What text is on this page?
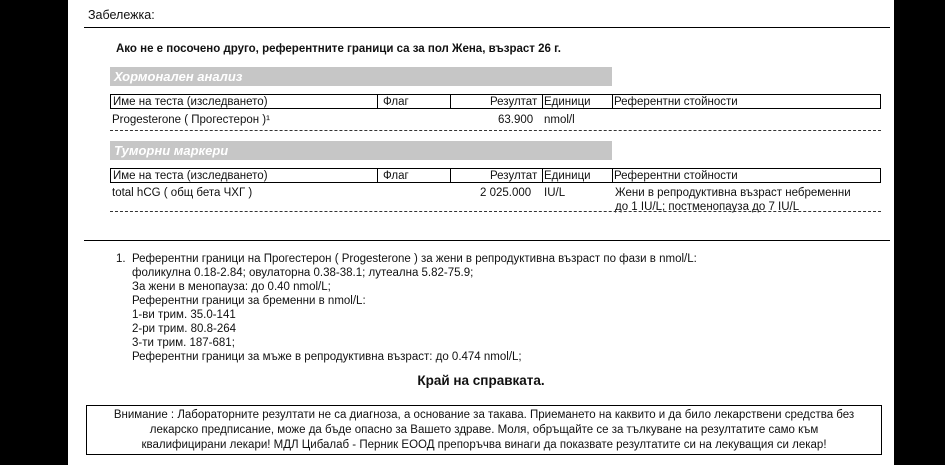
Забележка:
Ако не е посочено друго, референтните граници са за пол Жена, възраст 26 г.
Хормонален анализ
Име на теста (изследването)	Флаг	Резултат Единици Референтни стойности
Progesterone ( Прогестерон )¹	63.900 nmol/l
Туморни маркери
Име на теста (изследването)	Флаг	Резултат Единици Референтни стойности
total hCG ( общ бета ЧХГ )	2 025.000 IU/L	Жени в репродуктивна възраст небременни
до 1 IU/L; постменопауза до 7 IU/L
1. Референтни граници на Прогестерон ( Progesterone ) за жени в репродуктивна възраст по фази в nmol/L:
фоликулна 0.18-2.84; овулаторна 0.38-38.1; лутеална 5.82-75.9;
За жени в менопауза: до 0.40 nmol/L;
Референтни граници за бременни в nmol/L:
1-ви трим. 35.0-141
2-ри трим. 80.8-264
3-ти трим. 187-681;
Референтни граници за мъже в репродуктивна възраст: до 0.474 nmol/L;
Край на справката.
Внимание : Лабораторните резултати не са диагноза, а основание за такава. Приемането на каквито и да било лекарствени средства без
лекарско предписание, може да бъде опасно за Вашето здраве. Моля, обръщайте се за тълкуване на резултатите само към
квалифицирани лекари! МДЛ Цибалаб - Перник ЕООД препоръчва винаги да показвате резултатите си на лекуващия си лекар!
